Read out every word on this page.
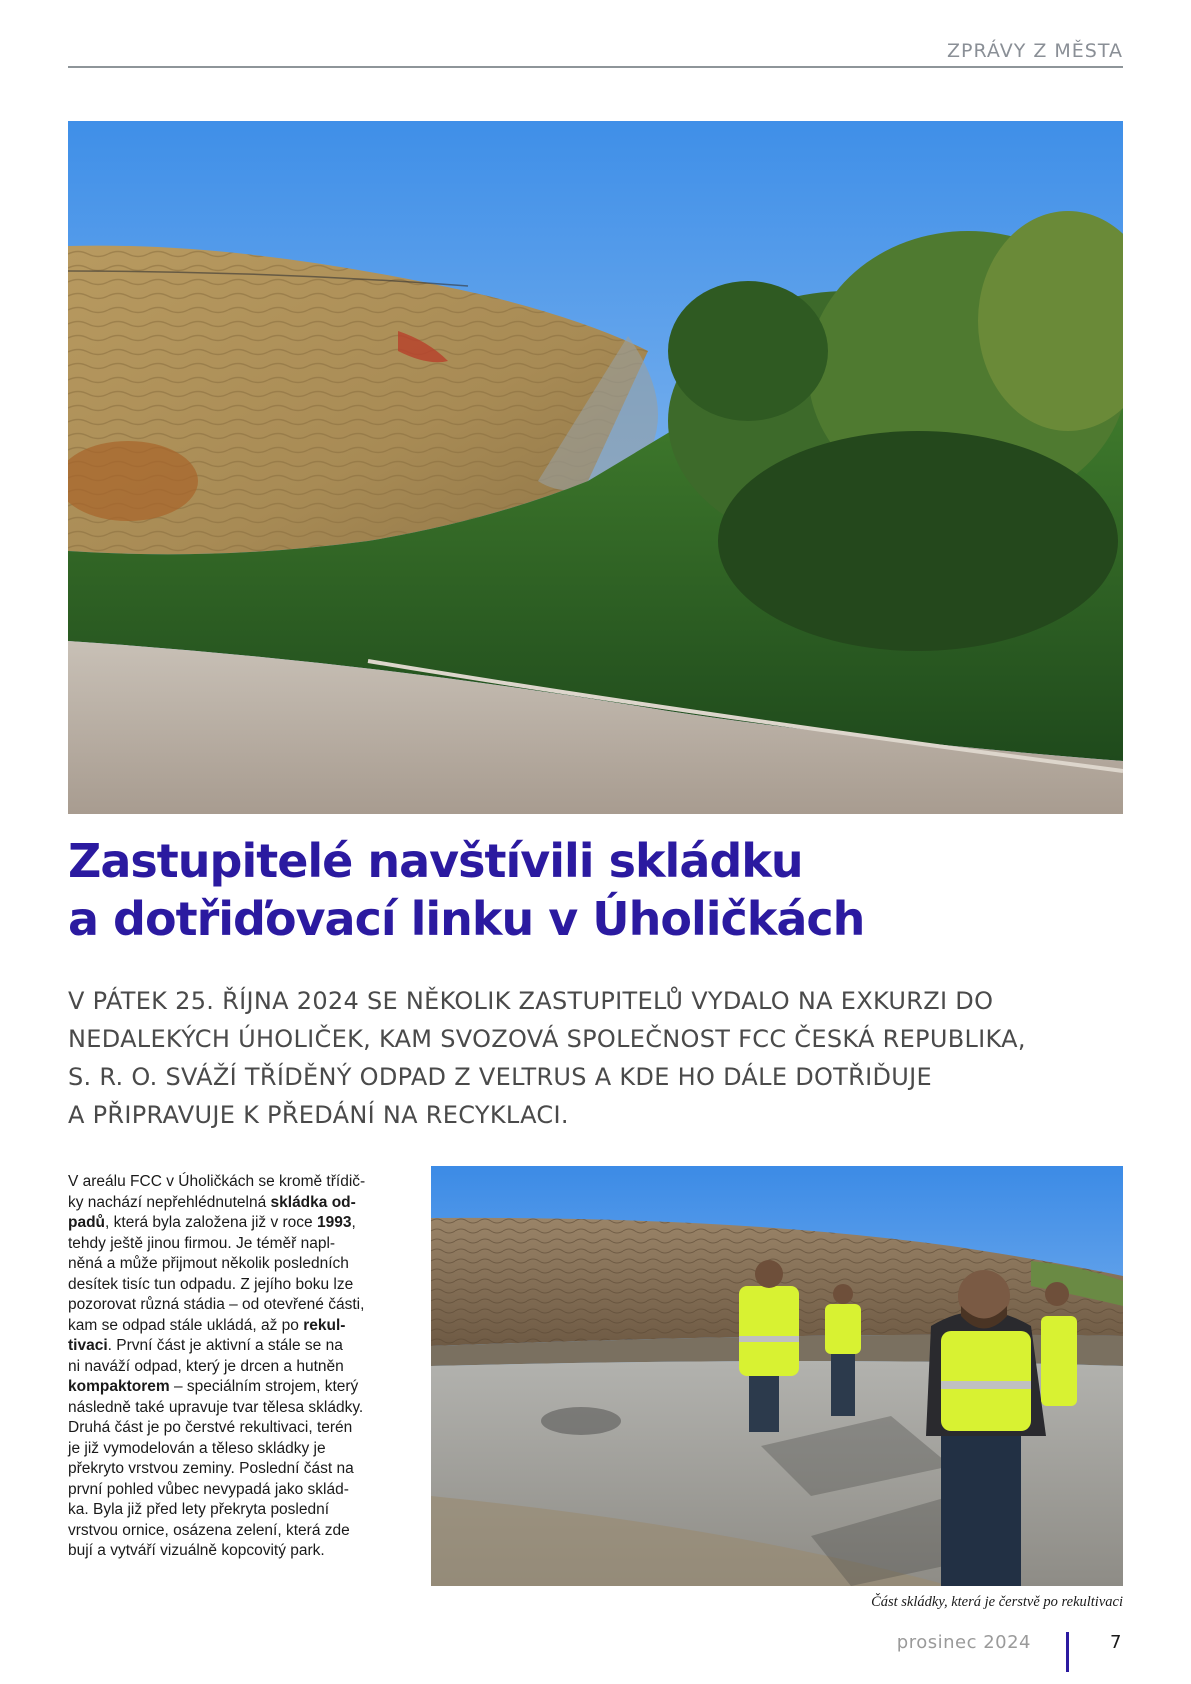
ZPRÁVY Z MĚSTA
Zastupitelé navštívili skládku
a dotřiďovací linku v Úholičkách

V PÁTEK 25. ŘÍJNA 2024 SE NĚKOLIK ZASTUPITELŮ VYDALO NA EXKURZI DO
NEDALEKÝCH ÚHOLIČEK, KAM SVOZOVÁ SPOLEČNOST FCC ČESKÁ REPUBLIKA,
S. R. O. SVÁŽÍ TŘÍDĚNÝ ODPAD Z VELTRUS A KDE HO DÁLE DOTŘIĎUJE
A PŘIPRAVUJE K PŘEDÁNÍ NA RECYKLACI.

V areálu FCC v Úholičkách se kromě třídič-
ky nachází nepřehlédnutelná skládka od-
padů, která byla založena již v roce 1993,
tehdy ještě jinou firmou. Je téměř napl-
něná a může přijmout několik posledních
desítek tisíc tun odpadu. Z jejího boku lze
pozorovat různá stádia – od otevřené části,
kam se odpad stále ukládá, až po rekul-
tivaci. První část je aktivní a stále se na
ni naváží odpad, který je drcen a hutněn
kompaktorem – speciálním strojem, který
následně také upravuje tvar tělesa skládky.
Druhá část je po čerstvé rekultivaci, terén
je již vymodelován a těleso skládky je
překryto vrstvou zeminy. Poslední část na
první pohled vůbec nevypadá jako sklád-
ka. Byla již před lety překryta poslední
vrstvou ornice, osázena zelení, která zde
bují a vytváří vizuálně kopcovitý park.
Část skládky, která je čerstvě po rekultivaci
prosinec 2024	7
